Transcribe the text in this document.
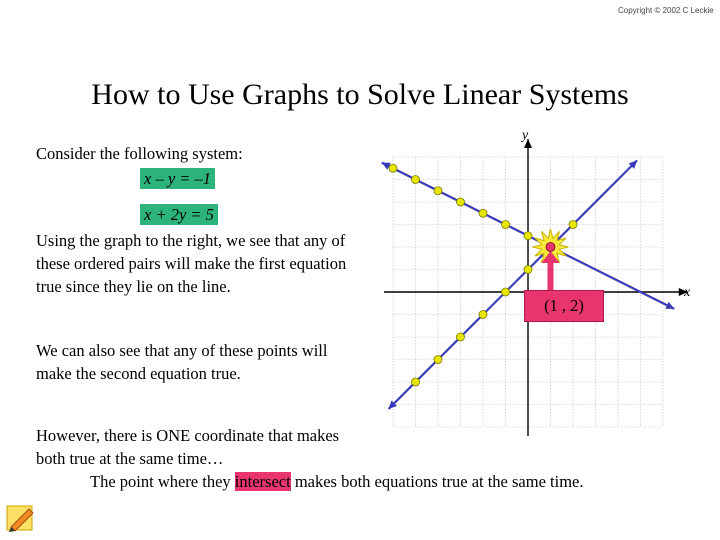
Copyright © 2002 C Leckie
How to Use Graphs to Solve Linear Systems
Consider the following system:
x – y = –1
x + 2y = 5
Using the graph to the right, we see that any of these ordered pairs will make the first equation true since they lie on the line.
We can also see that any of these points will make the second equation true.
However, there is ONE coordinate that makes both true at the same time…
The point where they intersect makes both equations true at the same time.
y
x
(1 , 2)
